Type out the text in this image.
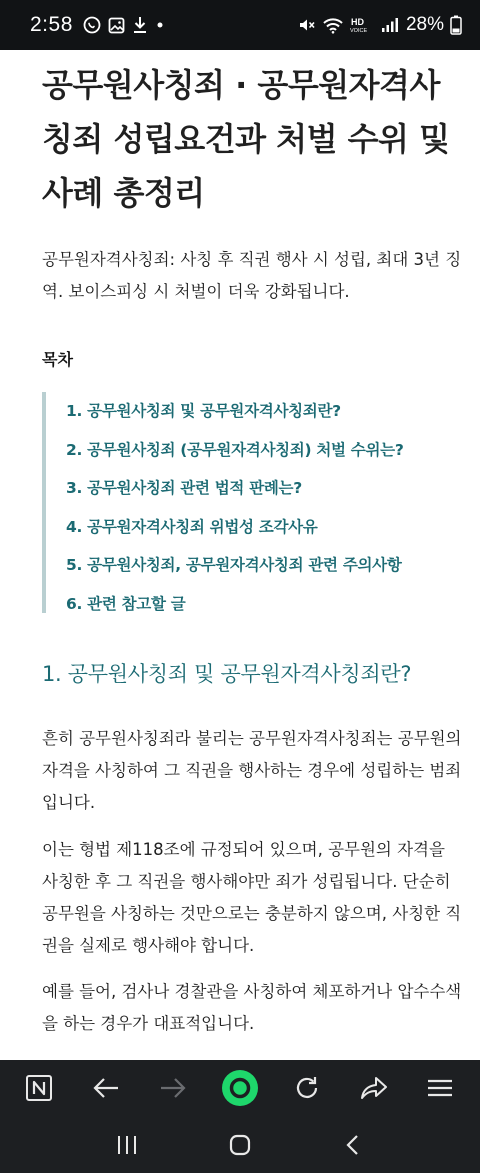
2:58	HD
VOICE 28%
공무원사칭죄 · 공무원자격사칭죄 성립요건과 처벌 수위 및 사례 총정리

공무원자격사칭죄: 사칭 후 직권 행사 시 성립, 최대 3년 징역. 보이스피싱 시 처벌이 더욱 강화됩니다.

목차
1. 공무원사칭죄 및 공무원자격사칭죄란?
2. 공무원사칭죄 (공무원자격사칭죄) 처벌 수위는?
3. 공무원사칭죄 관련 법적 판례는?
4. 공무원자격사칭죄 위법성 조각사유
5. 공무원사칭죄, 공무원자격사칭죄 관련 주의사항
6. 관련 참고할 글
1. 공무원사칭죄 및 공무원자격사칭죄란?

흔히 공무원사칭죄라 불리는 공무원자격사칭죄는 공무원의 자격을 사칭하여 그 직권을 행사하는 경우에 성립하는 범죄입니다.

이는 형법 제118조에 규정되어 있으며, 공무원의 자격을 사칭한 후 그 직권을 행사해야만 죄가 성립됩니다. 단순히 공무원을 사칭하는 것만으로는 충분하지 않으며, 사칭한 직권을 실제로 행사해야 합니다.

예를 들어, 검사나 경찰관을 사칭하여 체포하거나 압수수색을 하는 경우가 대표적입니다.
